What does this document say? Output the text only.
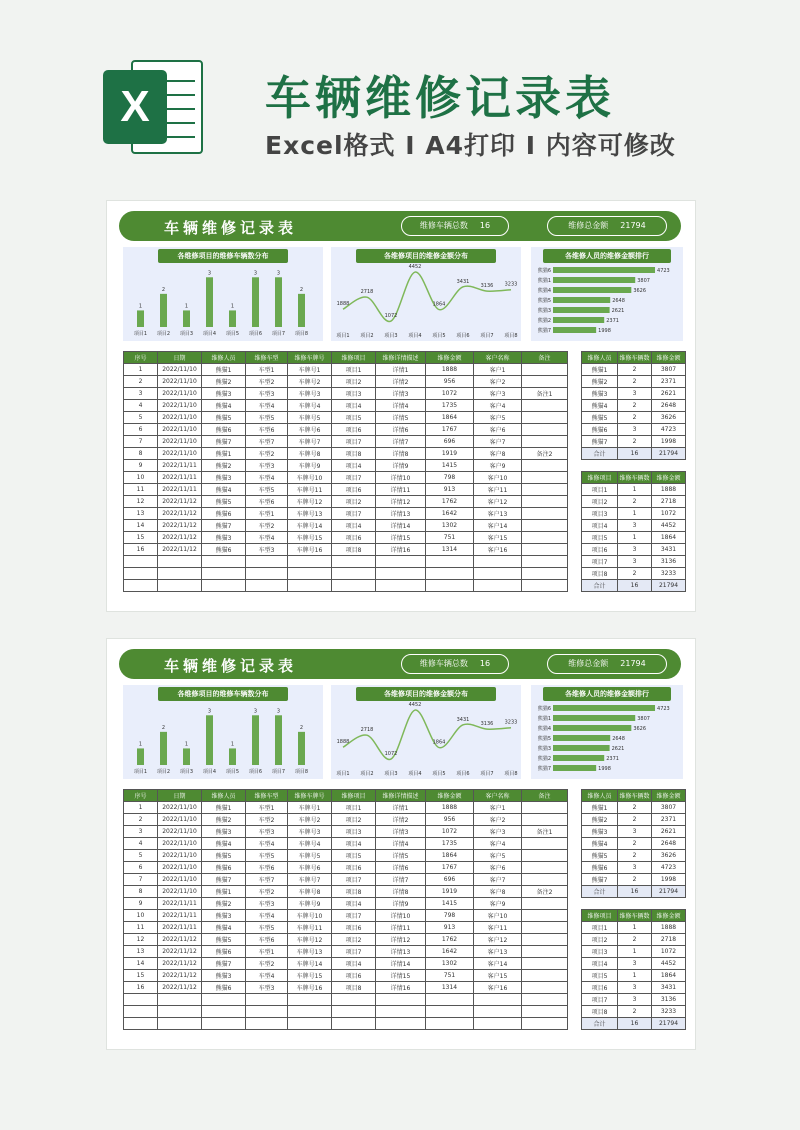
X	车辆维修记录表
Excel格式 I A4打印 I 内容可修改
车辆维修记录表	维修车辆总数 16	维修总金额 21794
各维修项目的维修车辆数分布
1
项目1
2
项目2
1
项目3
3
项目4
1
项目5
3
项目6
3
项目7
2
项目8
各维修项目的维修金额分布
1888
项目1
2718
项目2
1072
项目3
4452
项目4
1864
项目5
3431
项目6
3136
项目7
3233
项目8
各维修人员的维修金额排行
熊猫6	4723
熊猫1	3807
熊猫4	3626
熊猫5	2648
熊猫3	2621
熊猫2	2371
熊猫7	1998
序号	日期	维修人员	维修车型	维修车牌号	维修项目	维修详情描述	维修金额	客户名称	备注
1	2022/11/10	熊猫1	车型1	车牌号1	项目1	详情1	1888	客户1	
2	2022/11/10	熊猫2	车型2	车牌号2	项目2	详情2	956	客户2	
3	2022/11/10	熊猫3	车型3	车牌号3	项目3	详情3	1072	客户3	备注1
4	2022/11/10	熊猫4	车型4	车牌号4	项目4	详情4	1735	客户4	
5	2022/11/10	熊猫5	车型5	车牌号5	项目5	详情5	1864	客户5	
6	2022/11/10	熊猫6	车型6	车牌号6	项目6	详情6	1767	客户6	
7	2022/11/10	熊猫7	车型7	车牌号7	项目7	详情7	696	客户7	
8	2022/11/10	熊猫1	车型2	车牌号8	项目8	详情8	1919	客户8	备注2
9	2022/11/11	熊猫2	车型3	车牌号9	项目4	详情9	1415	客户9	
10	2022/11/11	熊猫3	车型4	车牌号10	项目7	详情10	798	客户10	
11	2022/11/11	熊猫4	车型5	车牌号11	项目6	详情11	913	客户11	
12	2022/11/12	熊猫5	车型6	车牌号12	项目2	详情12	1762	客户12	
13	2022/11/12	熊猫6	车型1	车牌号13	项目7	详情13	1642	客户13	
14	2022/11/12	熊猫7	车型2	车牌号14	项目4	详情14	1302	客户14	
15	2022/11/12	熊猫3	车型4	车牌号15	项目6	详情15	751	客户15	
16	2022/11/12	熊猫6	车型3	车牌号16	项目8	详情16	1314	客户16	

维修人员	维修车辆数	维修金额
熊猫1	2	3807
熊猫2	2	2371
熊猫3	3	2621
熊猫4	2	2648
熊猫5	2	3626
熊猫6	3	4723
熊猫7	2	1998
合计	16	21794
维修项目	维修车辆数	维修金额
项目1	1	1888
项目2	2	2718
项目3	1	1072
项目4	3	4452
项目5	1	1864
项目6	3	3431
项目7	3	3136
项目8	2	3233
合计	16	21794
车辆维修记录表	维修车辆总数 16	维修总金额 21794
各维修项目的维修车辆数分布
1
项目1
2
项目2
1
项目3
3
项目4
1
项目5
3
项目6
3
项目7
2
项目8
各维修项目的维修金额分布
1888
项目1
2718
项目2
1072
项目3
4452
项目4
1864
项目5
3431
项目6
3136
项目7
3233
项目8
各维修人员的维修金额排行
熊猫6	4723
熊猫1	3807
熊猫4	3626
熊猫5	2648
熊猫3	2621
熊猫2	2371
熊猫7	1998
序号	日期	维修人员	维修车型	维修车牌号	维修项目	维修详情描述	维修金额	客户名称	备注
1	2022/11/10	熊猫1	车型1	车牌号1	项目1	详情1	1888	客户1	
2	2022/11/10	熊猫2	车型2	车牌号2	项目2	详情2	956	客户2	
3	2022/11/10	熊猫3	车型3	车牌号3	项目3	详情3	1072	客户3	备注1
4	2022/11/10	熊猫4	车型4	车牌号4	项目4	详情4	1735	客户4	
5	2022/11/10	熊猫5	车型5	车牌号5	项目5	详情5	1864	客户5	
6	2022/11/10	熊猫6	车型6	车牌号6	项目6	详情6	1767	客户6	
7	2022/11/10	熊猫7	车型7	车牌号7	项目7	详情7	696	客户7	
8	2022/11/10	熊猫1	车型2	车牌号8	项目8	详情8	1919	客户8	备注2
9	2022/11/11	熊猫2	车型3	车牌号9	项目4	详情9	1415	客户9	
10	2022/11/11	熊猫3	车型4	车牌号10	项目7	详情10	798	客户10	
11	2022/11/11	熊猫4	车型5	车牌号11	项目6	详情11	913	客户11	
12	2022/11/12	熊猫5	车型6	车牌号12	项目2	详情12	1762	客户12	
13	2022/11/12	熊猫6	车型1	车牌号13	项目7	详情13	1642	客户13	
14	2022/11/12	熊猫7	车型2	车牌号14	项目4	详情14	1302	客户14	
15	2022/11/12	熊猫3	车型4	车牌号15	项目6	详情15	751	客户15	
16	2022/11/12	熊猫6	车型3	车牌号16	项目8	详情16	1314	客户16	

维修人员	维修车辆数	维修金额
熊猫1	2	3807
熊猫2	2	2371
熊猫3	3	2621
熊猫4	2	2648
熊猫5	2	3626
熊猫6	3	4723
熊猫7	2	1998
合计	16	21794
维修项目	维修车辆数	维修金额
项目1	1	1888
项目2	2	2718
项目3	1	1072
项目4	3	4452
项目5	1	1864
项目6	3	3431
项目7	3	3136
项目8	2	3233
合计	16	21794
